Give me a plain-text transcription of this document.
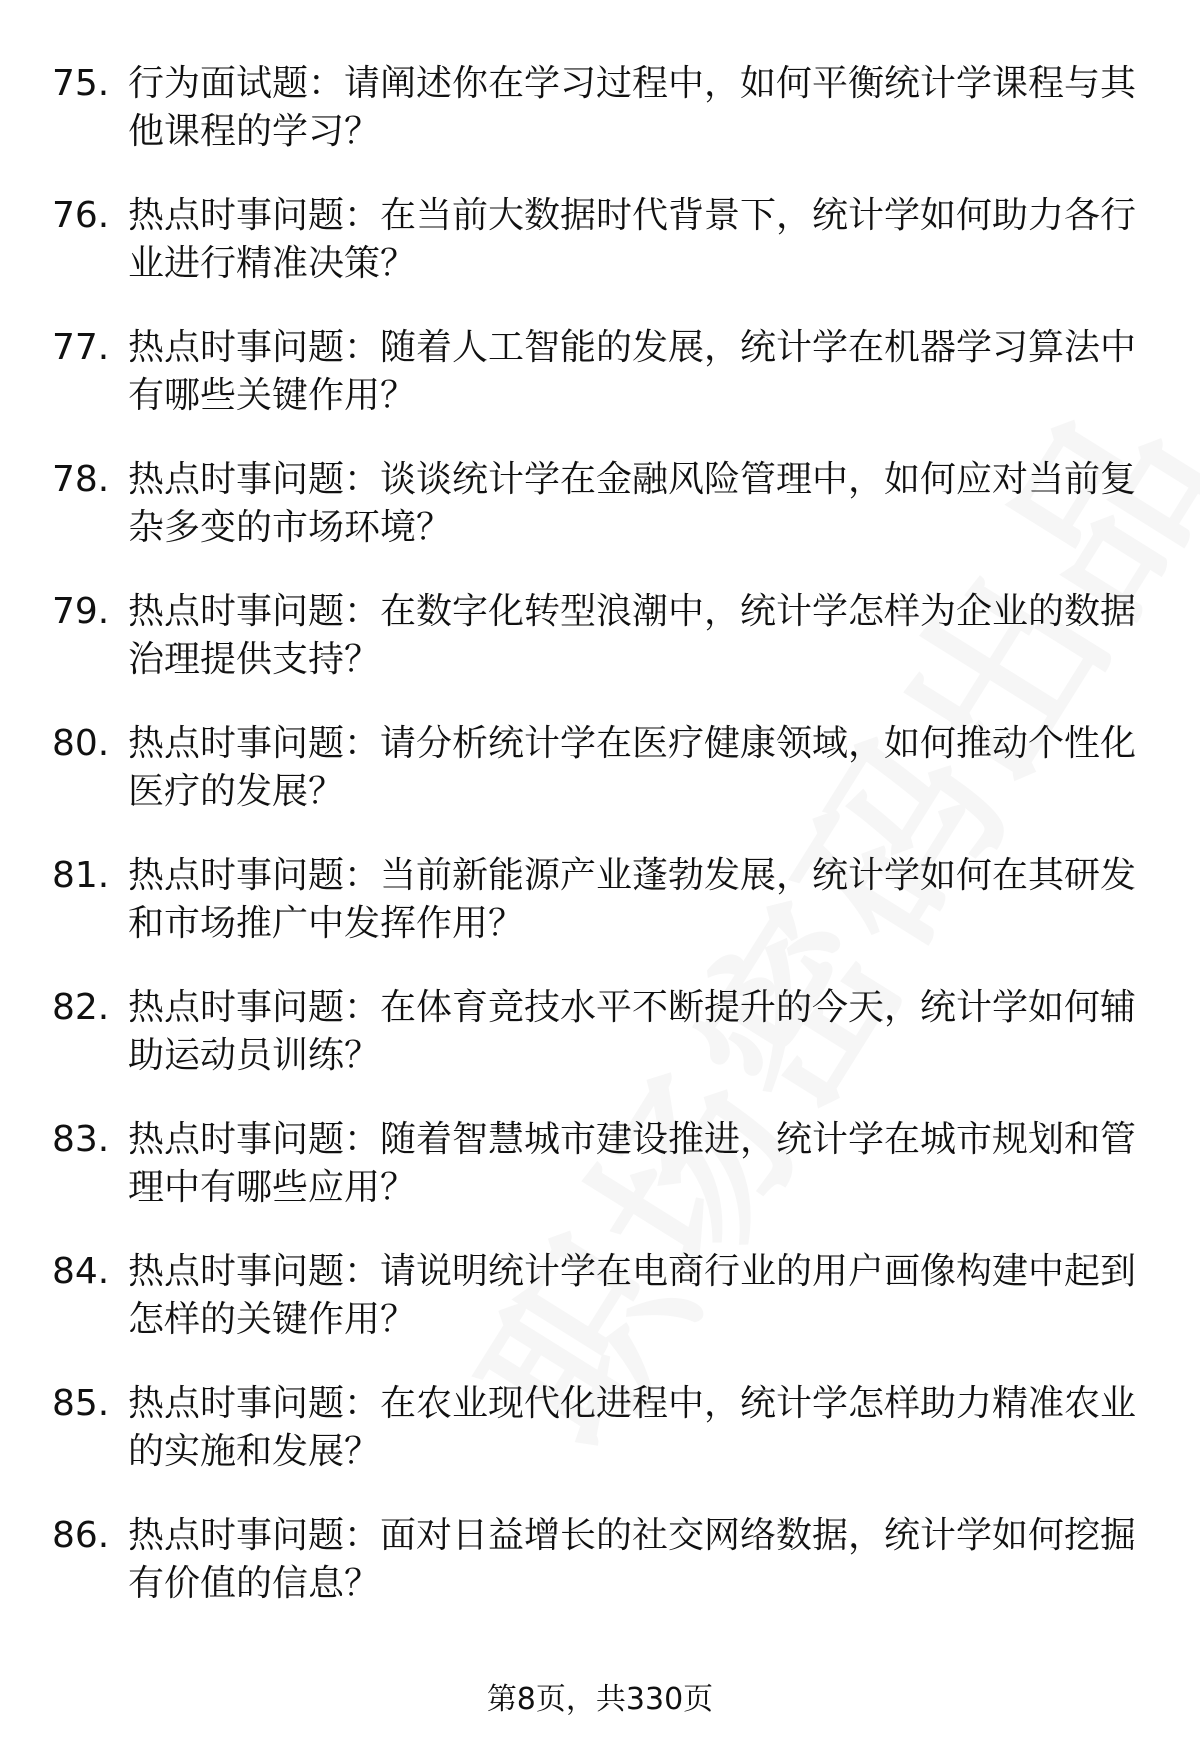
75. 行为面试题：请阐述你在学习过程中，如何平衡统计学课程与其他课程的学习？
76. 热点时事问题：在当前大数据时代背景下，统计学如何助力各行业进行精准决策？
77. 热点时事问题：随着人工智能的发展，统计学在机器学习算法中有哪些关键作用？
78. 热点时事问题：谈谈统计学在金融风险管理中，如何应对当前复杂多变的市场环境？
79. 热点时事问题：在数字化转型浪潮中，统计学怎样为企业的数据治理提供支持？
80. 热点时事问题：请分析统计学在医疗健康领域，如何推动个性化医疗的发展？
81. 热点时事问题：当前新能源产业蓬勃发展，统计学如何在其研发和市场推广中发挥作用？
82. 热点时事问题：在体育竞技水平不断提升的今天，统计学如何辅助运动员训练？
83. 热点时事问题：随着智慧城市建设推进，统计学在城市规划和管理中有哪些应用？
84. 热点时事问题：请说明统计学在电商行业的用户画像构建中起到怎样的关键作用？
85. 热点时事问题：在农业现代化进程中，统计学怎样助力精准农业的实施和发展？
86. 热点时事问题：面对日益增长的社交网络数据，统计学如何挖掘有价值的信息？
第8页，共330页
